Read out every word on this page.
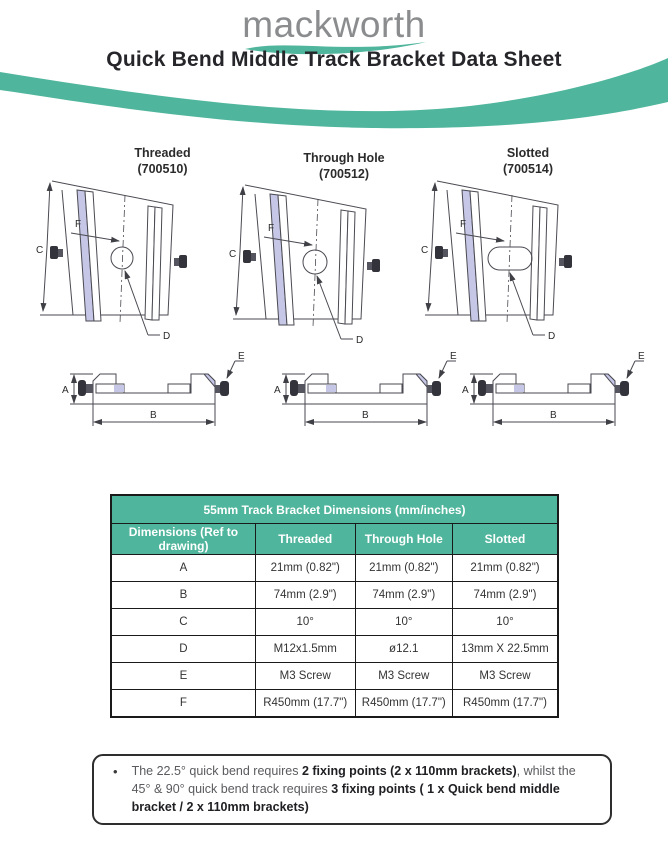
mackworth
Quick Bend Middle Track Bracket Data Sheet
Threaded
(700510)
Through Hole
(700512)
Slotted
(700514)
C
F
D
C
F
D
C
F
D
A
B
E
A
B
E
A
B
E
55mm Track Bracket Dimensions (mm/inches)			
Dimensions (Ref to drawing)	Threaded	Through Hole	Slotted
A	21mm (0.82")	21mm (0.82")	21mm (0.82")
B	74mm (2.9")	74mm (2.9")	74mm (2.9")
C	10°	10°	10°
D	M12x1.5mm	ø12.1	13mm X 22.5mm
E	M3 Screw	M3 Screw	M3 Screw
F	R450mm (17.7")	R450mm (17.7")	R450mm (17.7")
• The 22.5° quick bend requires 2 fixing points (2 x 110mm brackets), whilst the 45° & 90° quick bend track requires 3 fixing points ( 1 x Quick bend middle bracket / 2 x 110mm brackets)
